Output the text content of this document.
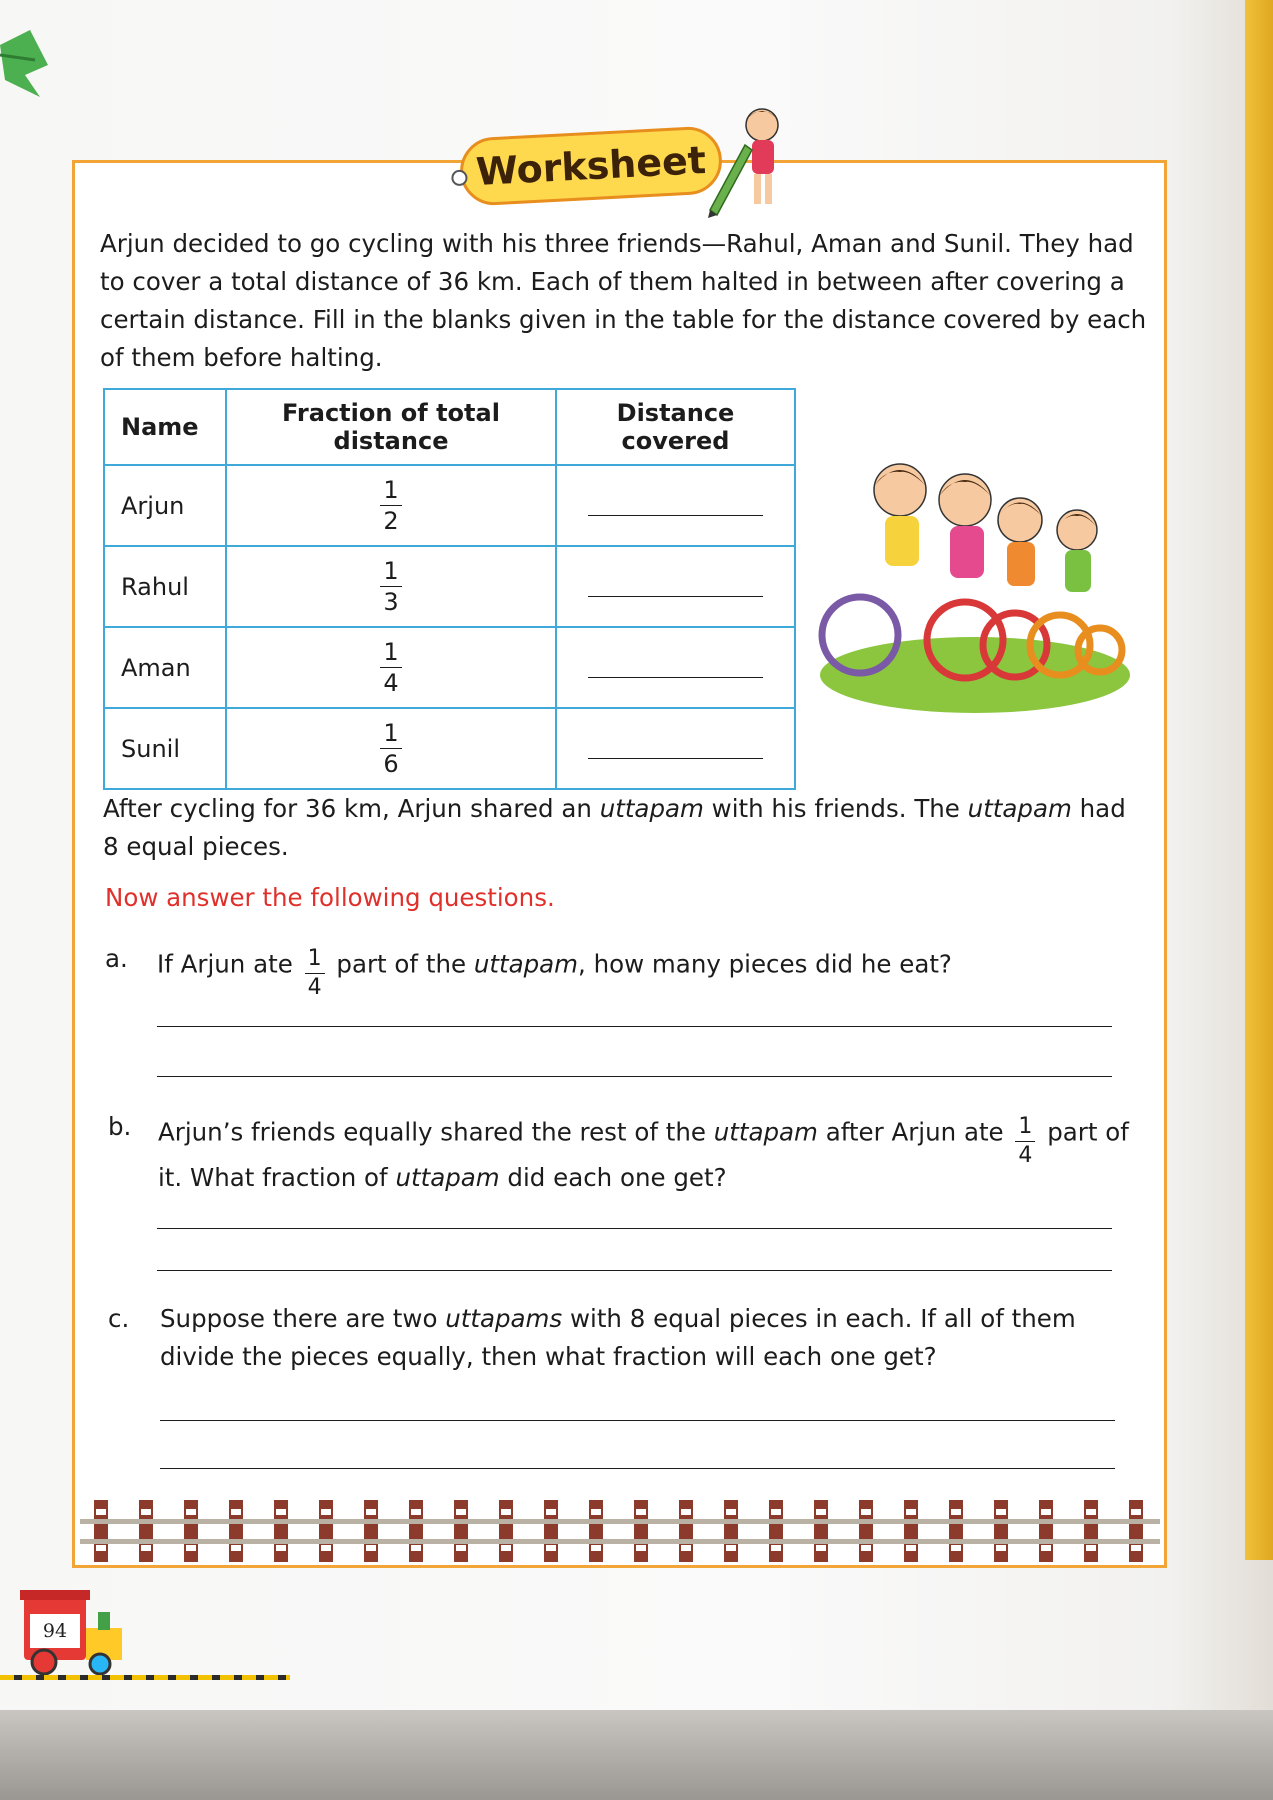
Worksheet

Arjun decided to go cycling with his three friends—Rahul, Aman and Sunil. They had to cover a total distance of 36 km. Each of them halted in between after covering a certain distance. Fill in the blanks given in the table for the distance covered by each of them before halting.

Name	Fraction of total distance	Distance covered
Arjun	$\frac{1}{2}$

Rahul	$\frac{1}{3}$

Aman	$\frac{1}{4}$

Sunil	$\frac{1}{6}$

After cycling for 36 km, Arjun shared an uttapam with his friends. The uttapam had 8 equal pieces.

Now answer the following questions.

a. If Arjun ate $\frac{1}{4}$ part of the uttapam, how many pieces did he eat?
b. Arjun’s friends equally shared the rest of the uttapam after Arjun ate $\frac{1}{4}$ part of it. What fraction of uttapam did each one get?
c. Suppose there are two uttapams with 8 equal pieces in each. If all of them divide the pieces equally, then what fraction will each one get?
94
